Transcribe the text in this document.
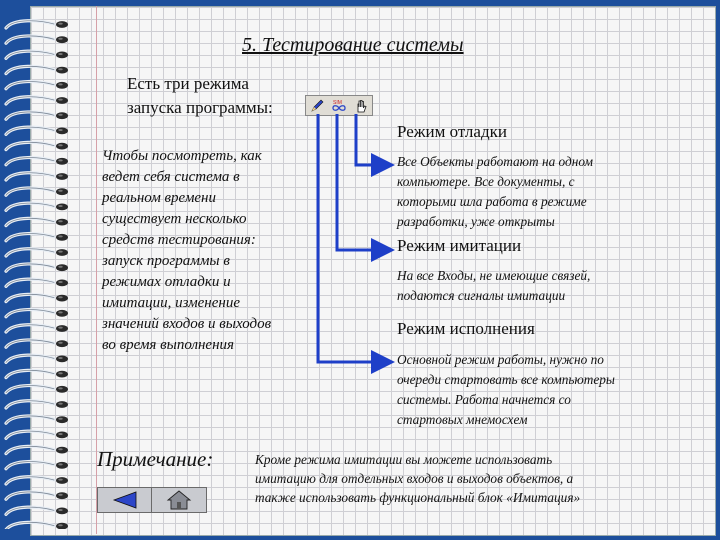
5. Тестирование системы
Есть три режима
запуска программы:	SIM
Чтобы посмотреть, как
ведет себя система в
реальном времени
существует несколько
средств тестирования:
запуск программы в
режимах отладки и
имитации, изменение
значений входов и выходов
во время выполнения
Режим отладки
Все Объекты работают на одном
компьютере. Все документы, с
которыми шла работа в режиме
разработки, уже открыты
Режим имитации
На все Входы, не имеющие связей,
подаются сигналы имитации
Режим исполнения
Основной режим работы, нужно по
очереди стартовать все компьютеры
системы. Работа начнется со
стартовых мнемосхем
Примечание:	Кроме режима имитации вы можете использовать
имитацию для отдельных входов и выходов объектов, а
также использовать функциональный блок «Имитация»
